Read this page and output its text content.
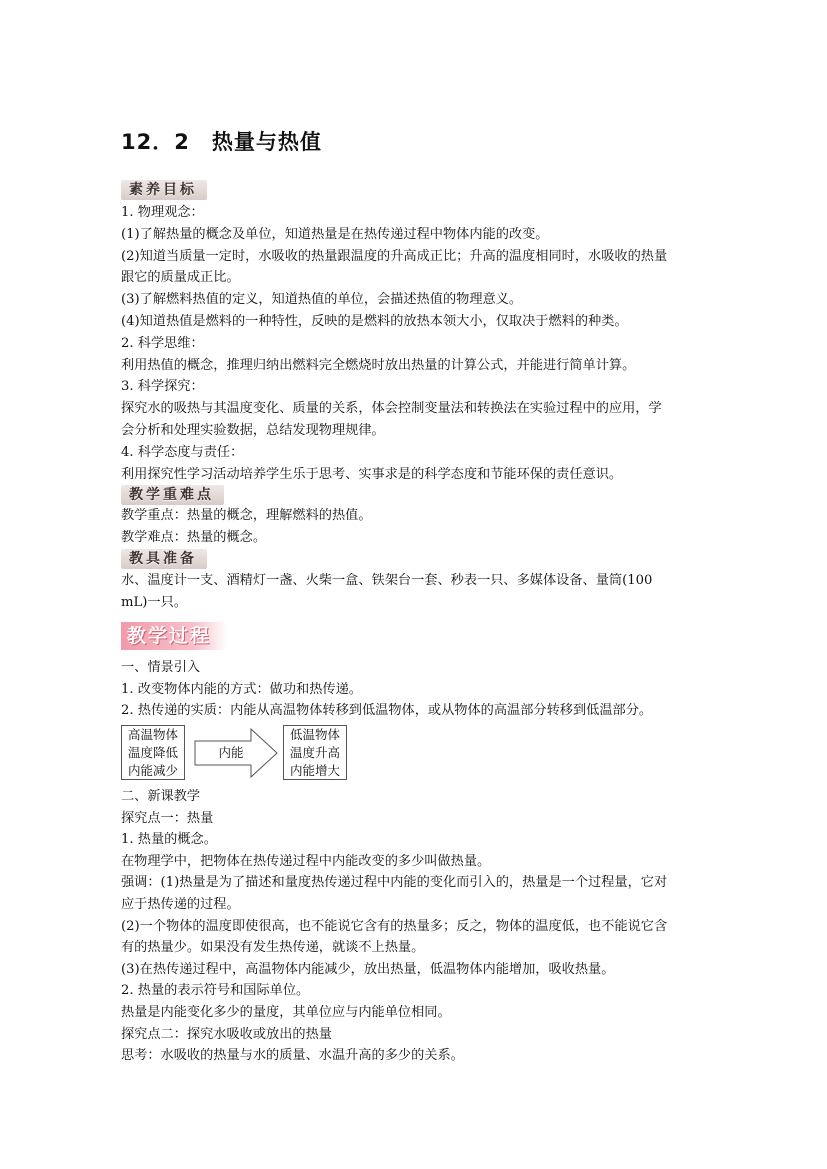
12．2 热量与热值
素养目标
1. 物理观念：
(1)了解热量的概念及单位，知道热量是在热传递过程中物体内能的改变。
(2)知道当质量一定时，水吸收的热量跟温度的升高成正比；升高的温度相同时，水吸收的热量
跟它的质量成正比。
(3)了解燃料热值的定义，知道热值的单位，会描述热值的物理意义。
(4)知道热值是燃料的一种特性，反映的是燃料的放热本领大小，仅取决于燃料的种类。
2. 科学思维：
利用热值的概念，推理归纳出燃料完全燃烧时放出热量的计算公式，并能进行简单计算。
3. 科学探究：
探究水的吸热与其温度变化、质量的关系，体会控制变量法和转换法在实验过程中的应用，学
会分析和处理实验数据，总结发现物理规律。
4. 科学态度与责任：
利用探究性学习活动培养学生乐于思考、实事求是的科学态度和节能环保的责任意识。
教学重难点
教学重点：热量的概念，理解燃料的热值。
教学难点：热量的概念。
教具准备
水、温度计一支、酒精灯一盏、火柴一盒、铁架台一套、秒表一只、多媒体设备、量筒(100
mL)一只。
教学过程
一、情景引入
1. 改变物体内能的方式：做功和热传递。
2. 热传递的实质：内能从高温物体转移到低温物体，或从物体的高温部分转移到低温部分。
高温物体
温度降低
内能减少
内能
低温物体
温度升高
内能增大
二、新课教学
探究点一：热量
1. 热量的概念。
在物理学中，把物体在热传递过程中内能改变的多少叫做热量。
强调：(1)热量是为了描述和量度热传递过程中内能的变化而引入的，热量是一个过程量，它对
应于热传递的过程。
(2)一个物体的温度即使很高，也不能说它含有的热量多；反之，物体的温度低，也不能说它含
有的热量少。如果没有发生热传递，就谈不上热量。
(3)在热传递过程中，高温物体内能减少，放出热量，低温物体内能增加，吸收热量。
2. 热量的表示符号和国际单位。
热量是内能变化多少的量度，其单位应与内能单位相同。
探究点二：探究水吸收或放出的热量
思考：水吸收的热量与水的质量、水温升高的多少的关系。
